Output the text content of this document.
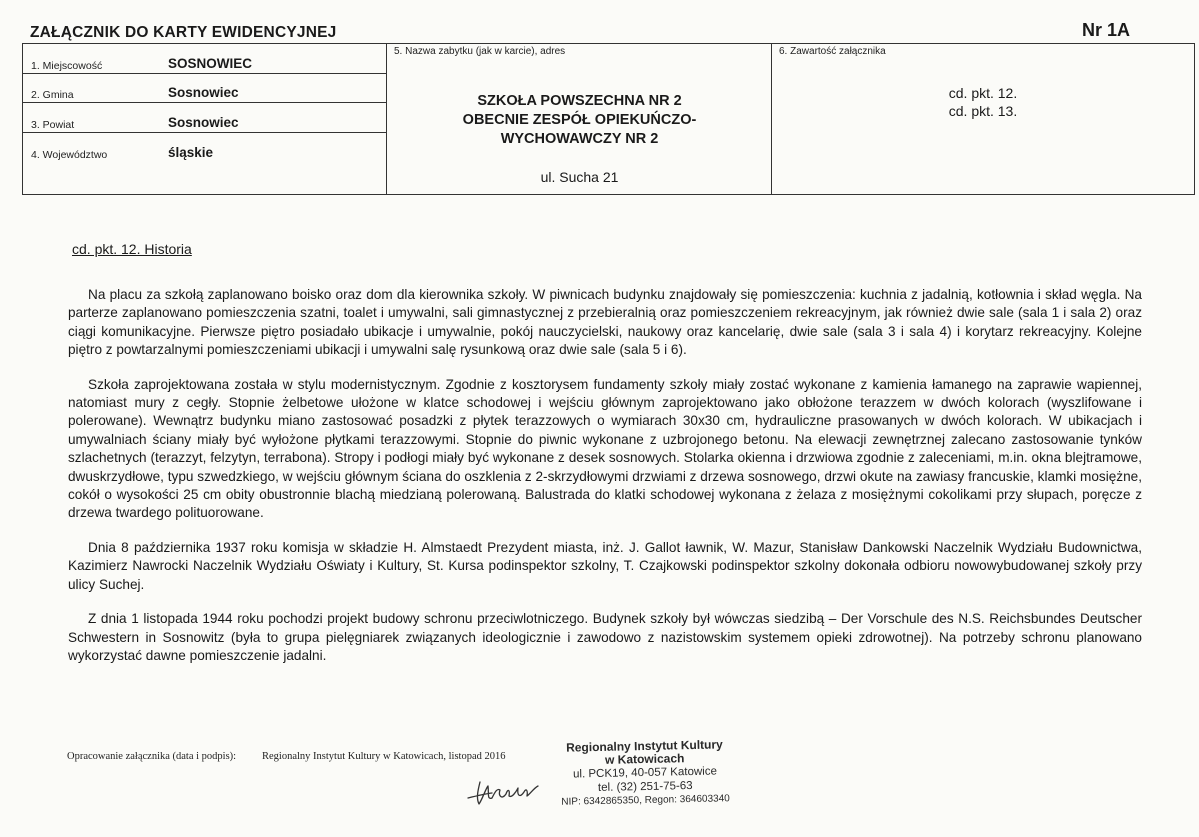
ZAŁĄCZNIK DO KARTY EWIDENCYJNEJ	Nr 1A
1. Miejscowość	SOSNOWIEC
2. Gmina	Sosnowiec
3. Powiat	Sosnowiec
4. Województwo	śląskie
5. Nazwa zabytku (jak w karcie), adres
SZKOŁA POWSZECHNA NR 2
OBECNIE ZESPÓŁ OPIEKUŃCZO-
WYCHOWAWCZY NR 2
ul. Sucha 21
6. Zawartość załącznika
cd. pkt. 12.
cd. pkt. 13.
cd. pkt. 12. Historia

Na placu za szkołą zaplanowano boisko oraz dom dla kierownika szkoły. W piwnicach budynku znajdowały się pomieszczenia: kuchnia z jadalnią, kotłownia i skład węgla. Na parterze zaplanowano pomieszczenia szatni, toalet i umywalni, sali gimnastycznej z przebieralnią oraz pomieszczeniem rekreacyjnym, jak również dwie sale (sala 1 i sala 2) oraz ciągi komunikacyjne. Pierwsze piętro posiadało ubikacje i umywalnie, pokój nauczycielski, naukowy oraz kancelarię, dwie sale (sala 3 i sala 4) i korytarz rekreacyjny. Kolejne piętro z powtarzalnymi pomieszczeniami ubikacji i umywalni salę rysunkową oraz dwie sale (sala 5 i 6).

Szkoła zaprojektowana została w stylu modernistycznym. Zgodnie z kosztorysem fundamenty szkoły miały zostać wykonane z kamienia łamanego na zaprawie wapiennej, natomiast mury z cegły. Stopnie żelbetowe ułożone w klatce schodowej i wejściu głównym zaprojektowano jako obłożone terazzem w dwóch kolorach (wyszlifowane i polerowane). Wewnątrz budynku miano zastosować posadzki z płytek terazzowych o wymiarach 30x30 cm, hydrauliczne prasowanych w dwóch kolorach. W ubikacjach i umywalniach ściany miały być wyłożone płytkami terazzowymi. Stopnie do piwnic wykonane z uzbrojonego betonu. Na elewacji zewnętrznej zalecano zastosowanie tynków szlachetnych (terazzyt, felzytyn, terrabona). Stropy i podłogi miały być wykonane z desek sosnowych. Stolarka okienna i drzwiowa zgodnie z zaleceniami, m.in. okna blejtramowe, dwuskrzydłowe, typu szwedzkiego, w wejściu głównym ściana do oszklenia z 2-skrzydłowymi drzwiami z drzewa sosnowego, drzwi okute na zawiasy francuskie, klamki mosiężne, cokół o wysokości 25 cm obity obustronnie blachą miedzianą polerowaną. Balustrada do klatki schodowej wykonana z żelaza z mosiężnymi cokolikami przy słupach, poręcze z drzewa twardego polituorowane.

Dnia 8 października 1937 roku komisja w składzie H. Almstaedt Prezydent miasta, inż. J. Gallot ławnik, W. Mazur, Stanisław Dankowski Naczelnik Wydziału Budownictwa, Kazimierz Nawrocki Naczelnik Wydziału Oświaty i Kultury, St. Kursa podinspektor szkolny, T. Czajkowski podinspektor szkolny dokonała odbioru nowowybudowanej szkoły przy ulicy Suchej.

Z dnia 1 listopada 1944 roku pochodzi projekt budowy schronu przeciwlotniczego. Budynek szkoły był wówczas siedzibą – Der Vorschule des N.S. Reichsbundes Deutscher Schwestern in Sosnowitz (była to grupa pielęgniarek związanych ideologicznie i zawodowo z nazistowskim systemem opieki zdrowotnej). Na potrzeby schronu planowano wykorzystać dawne pomieszczenie jadalni.

Opracowanie załącznika (data i podpis): Regionalny Instytut Kultury w Katowicach, listopad 2016
Regionalny Instytut Kultury
w Katowicach
ul. PCK19, 40-057 Katowice
tel. (32) 251-75-63
NIP: 6342865350, Regon: 364603340
